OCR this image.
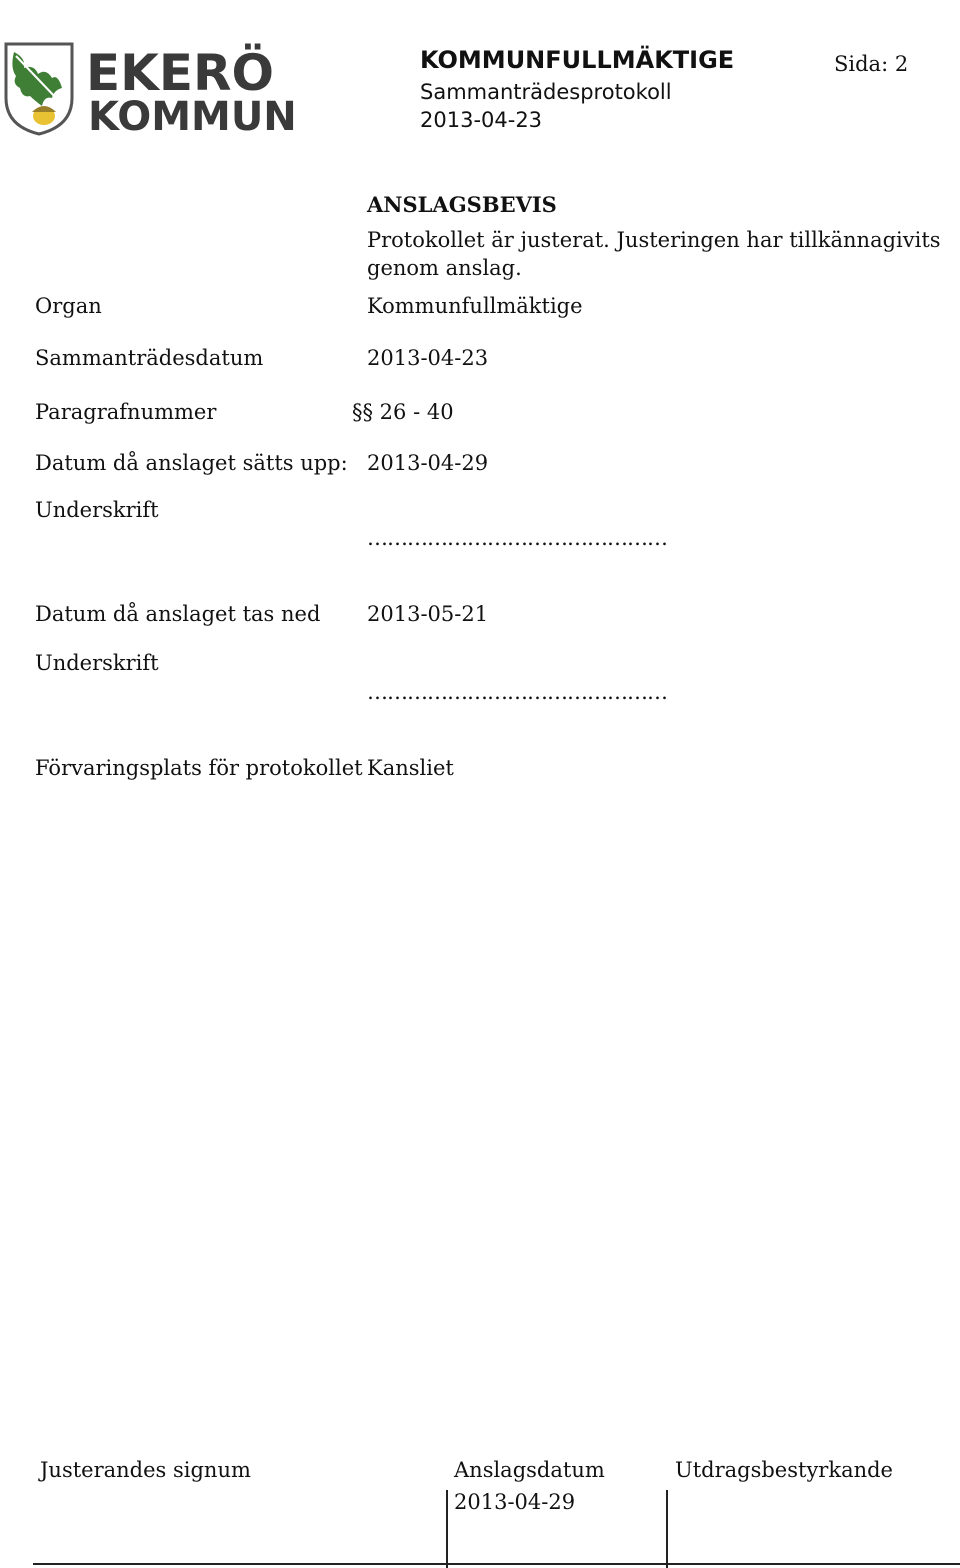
EKERÖ
KOMMUN
KOMMUNFULLMÄKTIGE
Sammanträdesprotokoll
2013-04-23
Sida: 2
ANSLAGSBEVIS
Protokollet är justerat. Justeringen har tillkännagivits genom anslag.
Organ	Kommunfullmäktige
Sammanträdesdatum	2013-04-23
Paragrafnummer	§§ 26 - 40
Datum då anslaget sätts upp: 2013-04-29
Underskrift
………………………………………
Datum då anslaget tas ned 2013-05-21
Underskrift
………………………………………
Förvaringsplats för protokollet Kansliet
Justerandes signum	Anslagsdatum
2013-04-29
Utdragsbestyrkande
